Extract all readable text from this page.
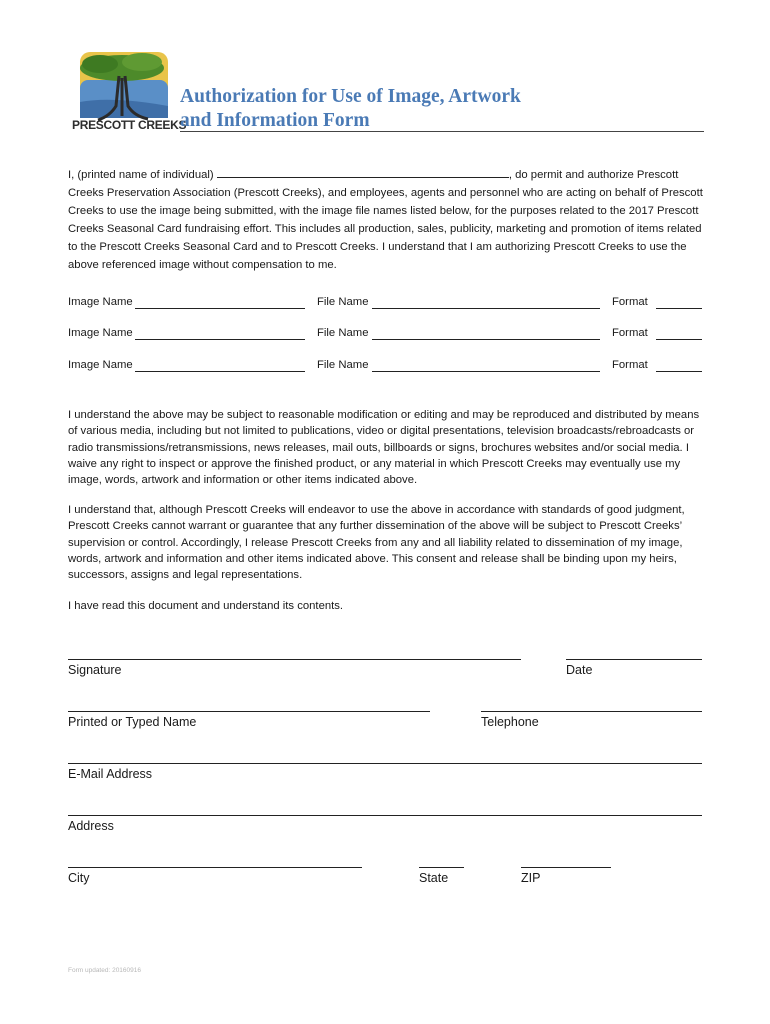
PRESCOTT CREEKS
Authorization for Use of Image, Artwork
and Information Form
I, (printed name of individual)	, do permit and authorize Prescott Creeks Preservation Association (Prescott Creeks), and employees, agents and personnel who are acting on behalf of Prescott Creeks to use the image being submitted, with the image file names listed below, for the purposes related to the 2017 Prescott Creeks Seasonal Card fundraising effort. This includes all production, sales, publicity, marketing and promotion of items related to the Prescott Creeks Seasonal Card and to Prescott Creeks. I understand that I am authorizing Prescott Creeks to use the above referenced image without compensation to me.
Image Name	File Name	Format
Image Name	File Name	Format
Image Name	File Name	Format
I understand the above may be subject to reasonable modification or editing and may be reproduced and distributed by means of various media, including but not limited to publications, video or digital presentations, television broadcasts/rebroadcasts or radio transmissions/retransmissions, news releases, mail outs, billboards or signs, brochures websites and/or social media. I waive any right to inspect or approve the finished product, or any material in which Prescott Creeks may eventually use my image, words, artwork and information or other items indicated above.
I understand that, although Prescott Creeks will endeavor to use the above in accordance with standards of good judgment, Prescott Creeks cannot warrant or guarantee that any further dissemination of the above will be subject to Prescott Creeks’ supervision or control. Accordingly, I release Prescott Creeks from any and all liability related to dissemination of my image, words, artwork and information and other items indicated above. This consent and release shall be binding upon my heirs, successors, assigns and legal representations.
I have read this document and understand its contents.
Signature	Date
Printed or Typed Name	Telephone
E-Mail Address
Address
City	State	ZIP
Form updated: 20160916
